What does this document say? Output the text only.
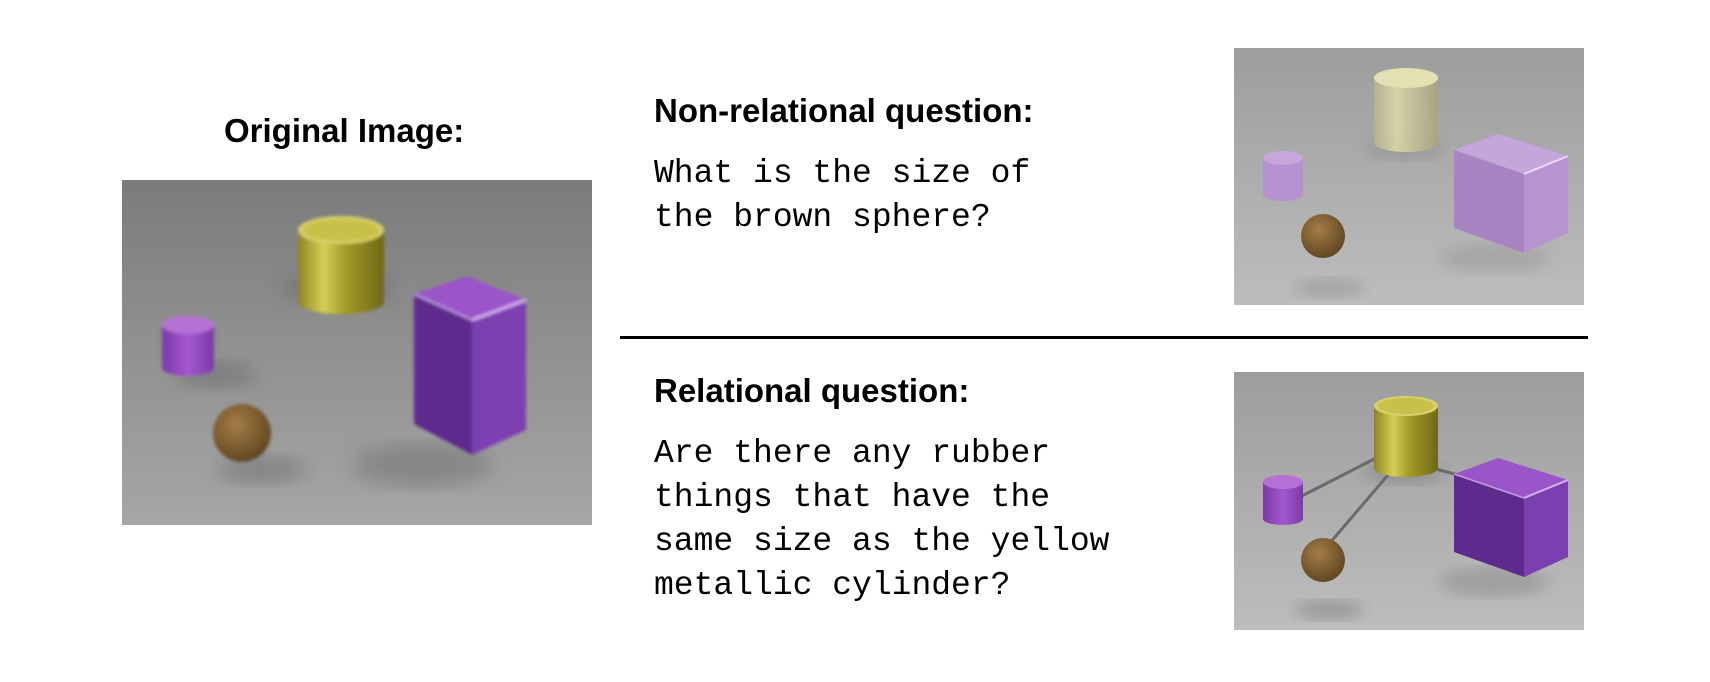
Original Image:
Non-relational question:

What is the size of
the brown sphere?

Relational question:

Are there any rubber
things that have the
same size as the yellow
metallic cylinder?
